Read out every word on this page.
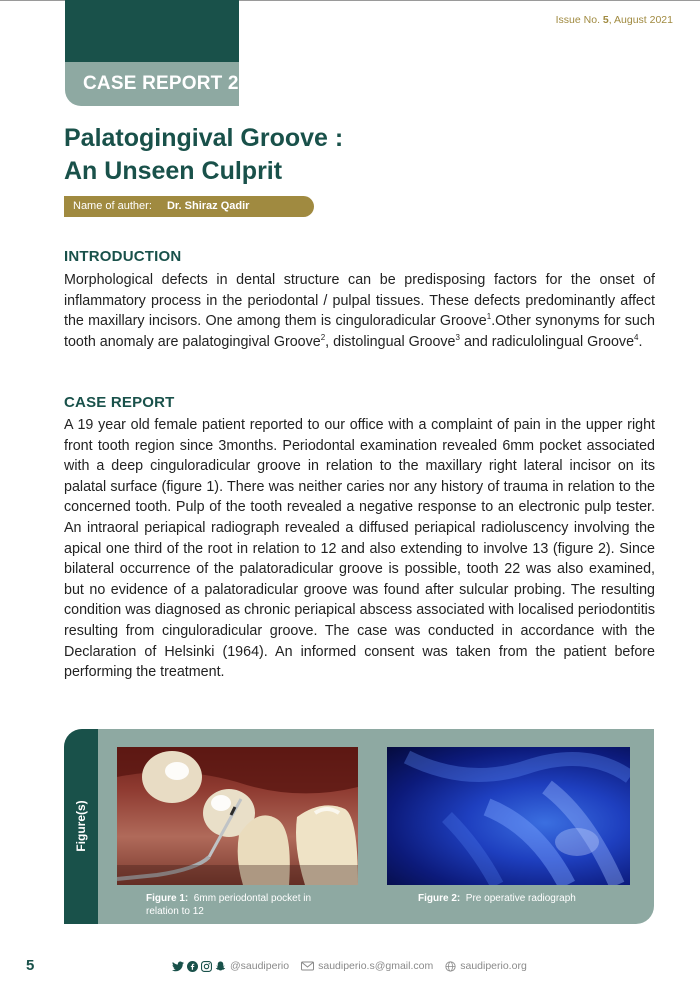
CASE REPORT 2
Issue No. 5, August 2021
Palatogingival Groove :
An Unseen Culprit
Name of auther: Dr. Shiraz Qadir
INTRODUCTION

Morphological defects in dental structure can be predisposing factors for the onset of inflammatory process in the periodontal / pulpal tissues. These defects predominantly affect the maxillary incisors. One among them is cinguloradicular Groove$^1$.Other synonyms for such tooth anomaly are palatogingival Groove$^2$, distolingual Groove$^3$ and radiculolingual Groove$^4$.

CASE REPORT

A 19 year old female patient reported to our office with a complaint of pain in the upper right front tooth region since 3months. Periodontal examination revealed 6mm pocket associated with a deep cinguloradicular groove in relation to the maxillary right lateral incisor on its palatal surface (figure 1). There was neither caries nor any history of trauma in relation to the concerned tooth. Pulp of the tooth revealed a negative response to an electronic pulp tester. An intraoral periapical radiograph revealed a diffused periapical radioluscency involving the apical one third of the root in relation to 12 and also extending to involve 13 (figure 2). Since bilateral occurrence of the palatoradicular groove is possible, tooth 22 was also examined, but no evidence of a palatoradicular groove was found after sulcular probing. The resulting condition was diagnosed as chronic periapical abscess associated with localised periodontitis resulting from cinguloradicular groove. The case was conducted in accordance with the Declaration of Helsinki (1964). An informed consent was taken from the patient before performing the treatment.

Figure(s)
Figure 1: 6mm periodontal pocket in relation to 12
Figure 2: Pre operative radiograph
5	@saudiperio	saudiperio.s@gmail.com	saudiperio.org
